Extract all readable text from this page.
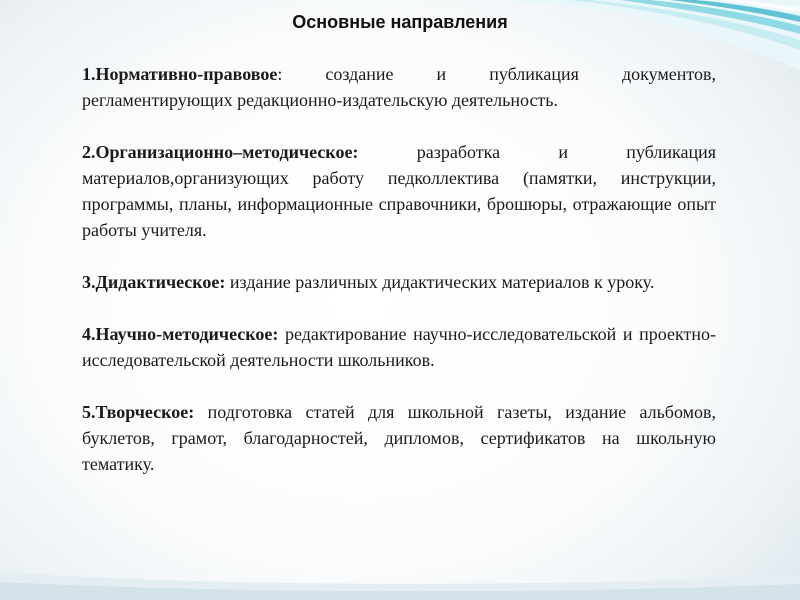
Основные направления

1.Нормативно-правовое: создание и публикация документов, регламентирующих редакционно-издательскую деятельность.

2.Организационно–методическое: разработка и публикация материалов,организующих работу педколлектива (памятки, инструкции, программы, планы, информационные справочники, брошюры, отражающие опыт работы учителя.

3.Дидактическое: издание различных дидактических материалов к уроку.

4.Научно-методическое: редактирование научно-исследовательской и проектно-исследовательской деятельности школьников.

5.Творческое: подготовка статей для школьной газеты, издание альбомов, буклетов, грамот, благодарностей, дипломов, сертификатов на школьную тематику.
